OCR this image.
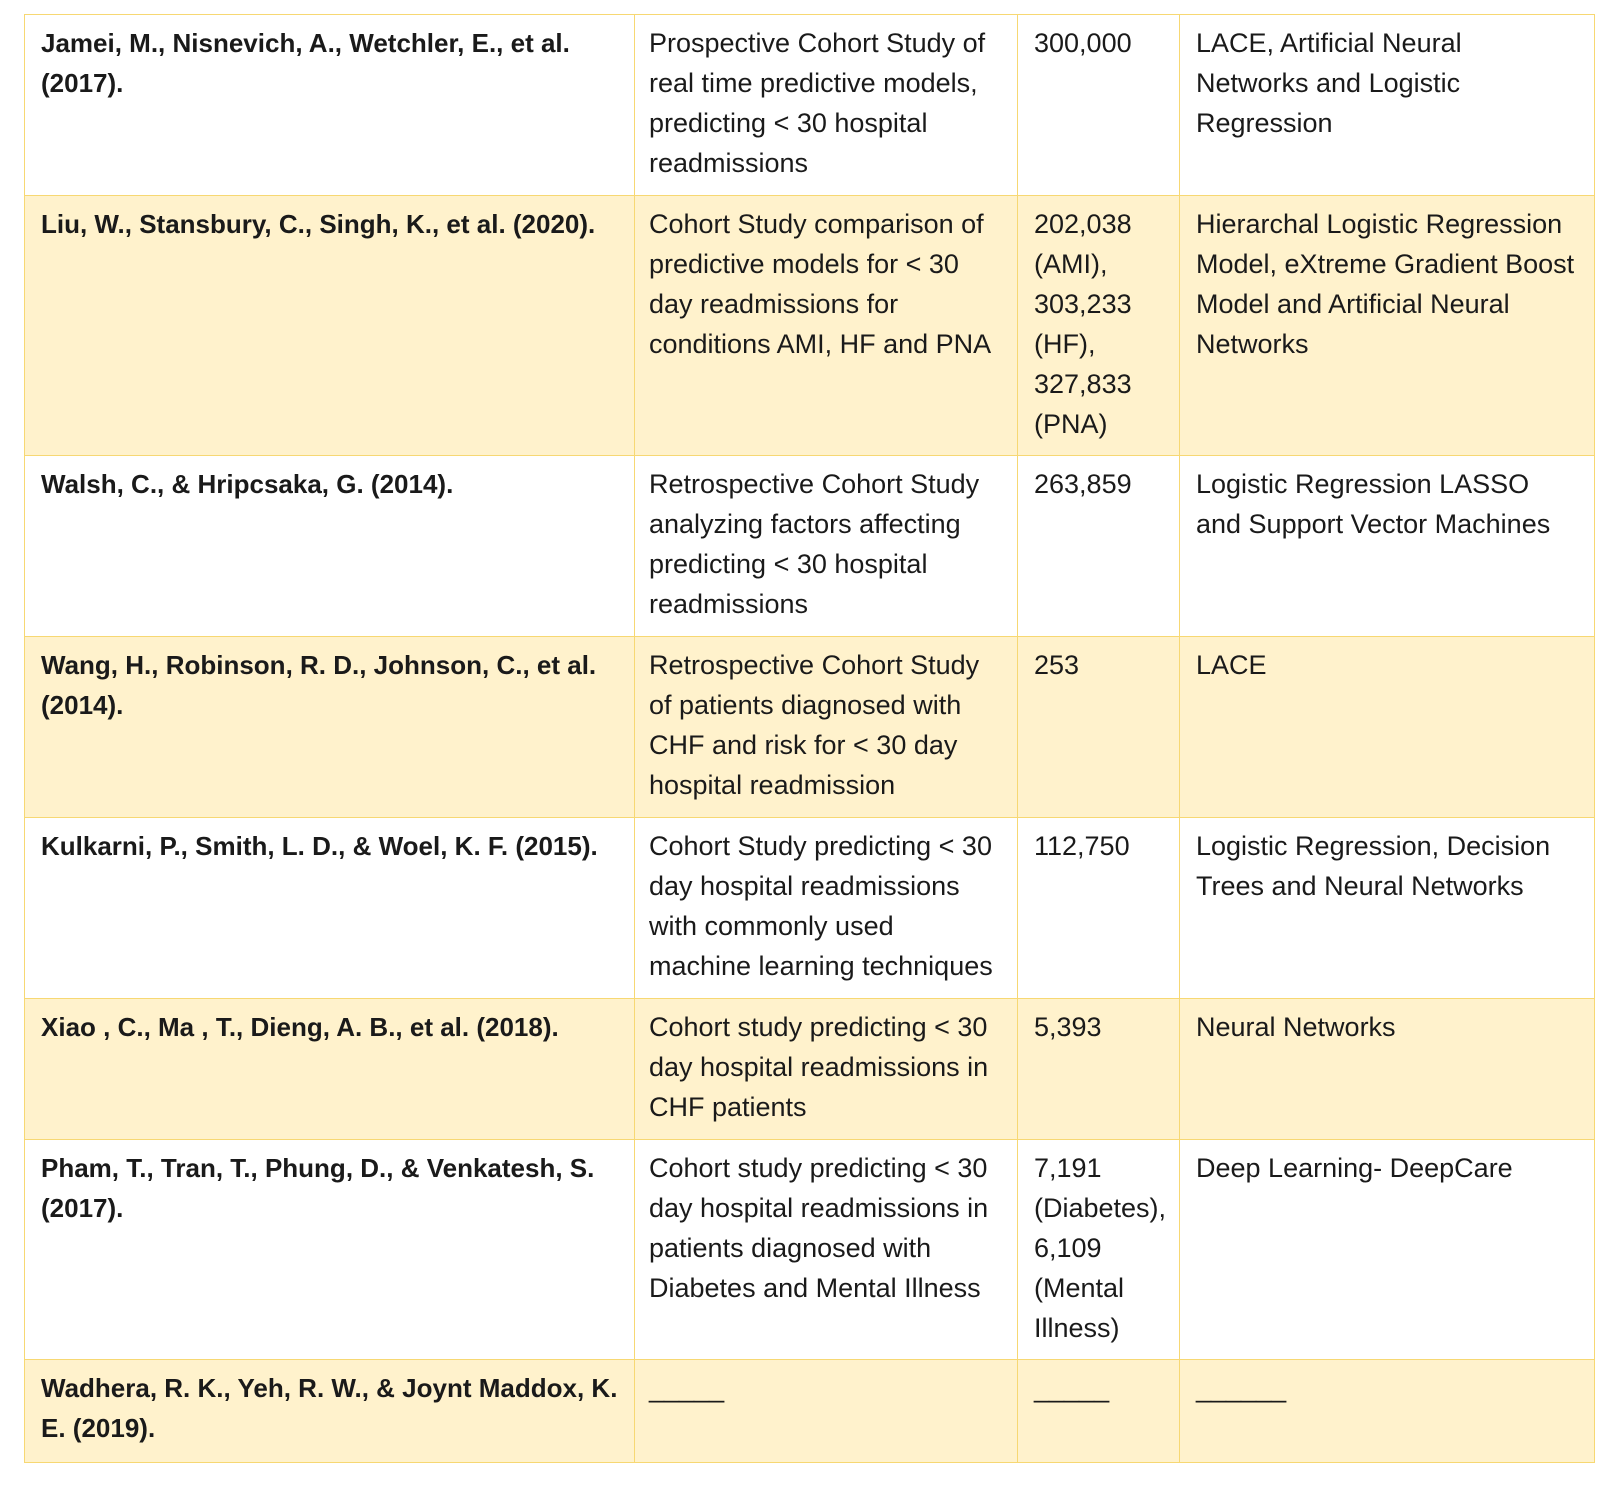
Jamei, M., Nisnevich, A., Wetchler, E., et al. (2017).	Prospective Cohort Study of real time predictive models, predicting < 30 hospital readmissions	300,000	LACE, Artificial Neural Networks and Logistic Regression
Liu, W., Stansbury, C., Singh, K., et al. (2020).	Cohort Study comparison of predictive models for < 30 day readmissions for conditions AMI, HF and PNA	202,038 (AMI), 303,233 (HF), 327,833 (PNA)	Hierarchal Logistic Regression Model, eXtreme Gradient Boost Model and Artificial Neural Networks
Walsh, C., & Hripcsaka, G. (2014).	Retrospective Cohort Study analyzing factors affecting predicting < 30 hospital readmissions	263,859	Logistic Regression LASSO and Support Vector Machines
Wang, H., Robinson, R. D., Johnson, C., et al. (2014).	Retrospective Cohort Study of patients diagnosed with CHF and risk for < 30 day hospital readmission	253	LACE
Kulkarni, P., Smith, L. D., & Woel, K. F. (2015).	Cohort Study predicting < 30 day hospital readmissions with commonly used machine learning techniques	112,750	Logistic Regression, Decision Trees and Neural Networks
Xiao , C., Ma , T., Dieng, A. B., et al. (2018).	Cohort study predicting < 30 day hospital readmissions in CHF patients	5,393	Neural Networks
Pham, T., Tran, T., Phung, D., & Venkatesh, S. (2017).	Cohort study predicting < 30 day hospital readmissions in patients diagnosed with Diabetes and Mental Illness	7,191 (Diabetes), 6,109 (Mental Illness)	Deep Learning- DeepCare
Wadhera, R. K., Yeh, R. W., & Joynt Maddox, K. E. (2019).	_____	_____	______
